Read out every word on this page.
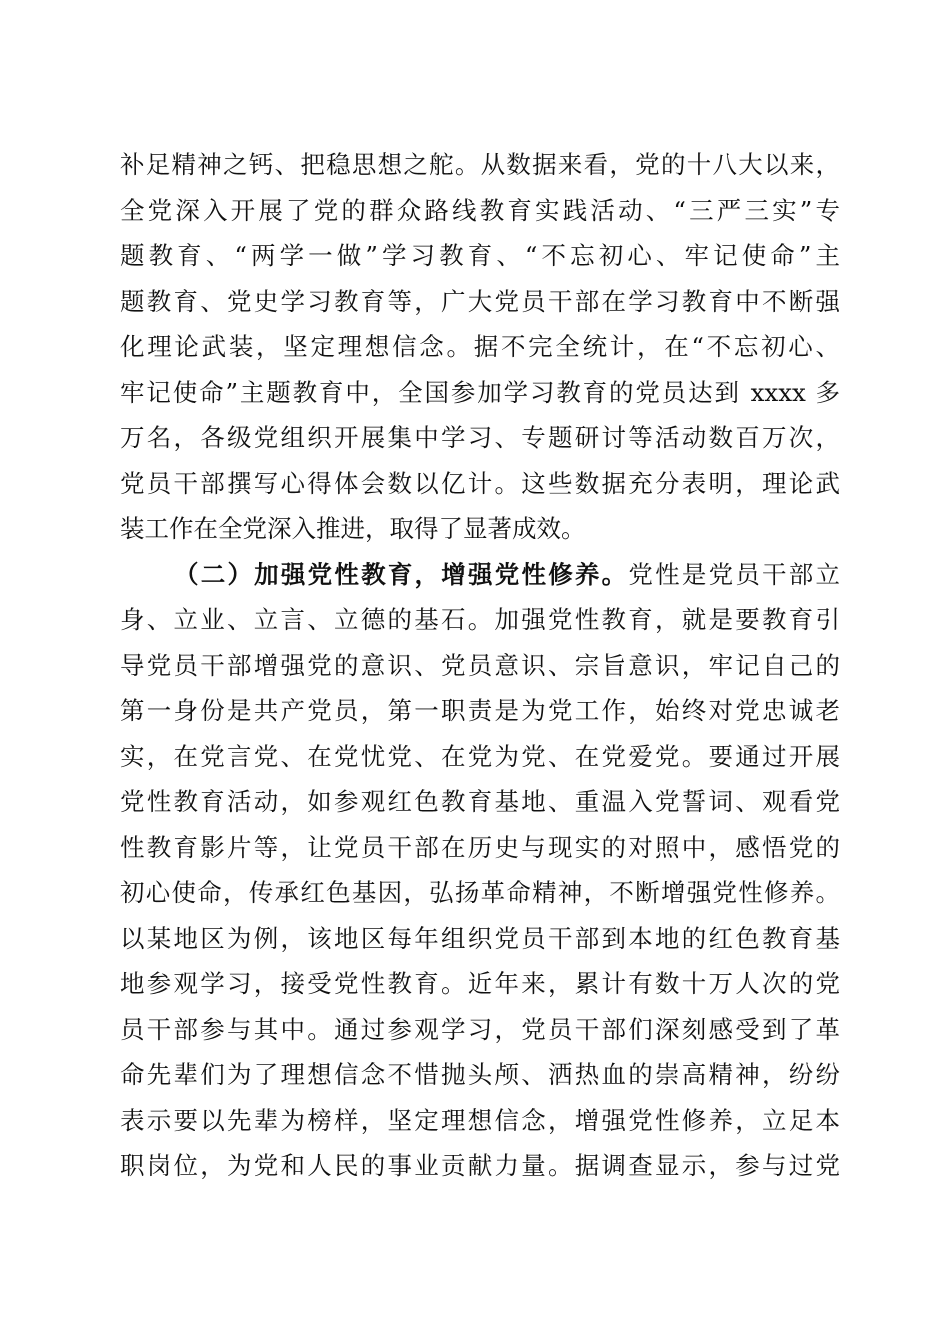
补足精神之钙、把稳思想之舵。从数据来看，党的十八大以来，
全党深入开展了党的群众路线教育实践活动、“三严三实”专
题教育、“两学一做”学习教育、“不忘初心、牢记使命”主
题教育、党史学习教育等，广大党员干部在学习教育中不断强
化理论武装，坚定理想信念。据不完全统计，在“不忘初心、
牢记使命”主题教育中，全国参加学习教育的党员达到 xxxx 多
万名，各级党组织开展集中学习、专题研讨等活动数百万次，
党员干部撰写心得体会数以亿计。这些数据充分表明，理论武
装工作在全党深入推进，取得了显著成效。
（二）加强党性教育，增强党性修养。党性是党员干部立
身、立业、立言、立德的基石。加强党性教育，就是要教育引
导党员干部增强党的意识、党员意识、宗旨意识，牢记自己的
第一身份是共产党员，第一职责是为党工作，始终对党忠诚老
实，在党言党、在党忧党、在党为党、在党爱党。要通过开展
党性教育活动，如参观红色教育基地、重温入党誓词、观看党
性教育影片等，让党员干部在历史与现实的对照中，感悟党的
初心使命，传承红色基因，弘扬革命精神，不断增强党性修养。
以某地区为例，该地区每年组织党员干部到本地的红色教育基
地参观学习，接受党性教育。近年来，累计有数十万人次的党
员干部参与其中。通过参观学习，党员干部们深刻感受到了革
命先辈们为了理想信念不惜抛头颅、洒热血的崇高精神，纷纷
表示要以先辈为榜样，坚定理想信念，增强党性修养，立足本
职岗位，为党和人民的事业贡献力量。据调查显示，参与过党
